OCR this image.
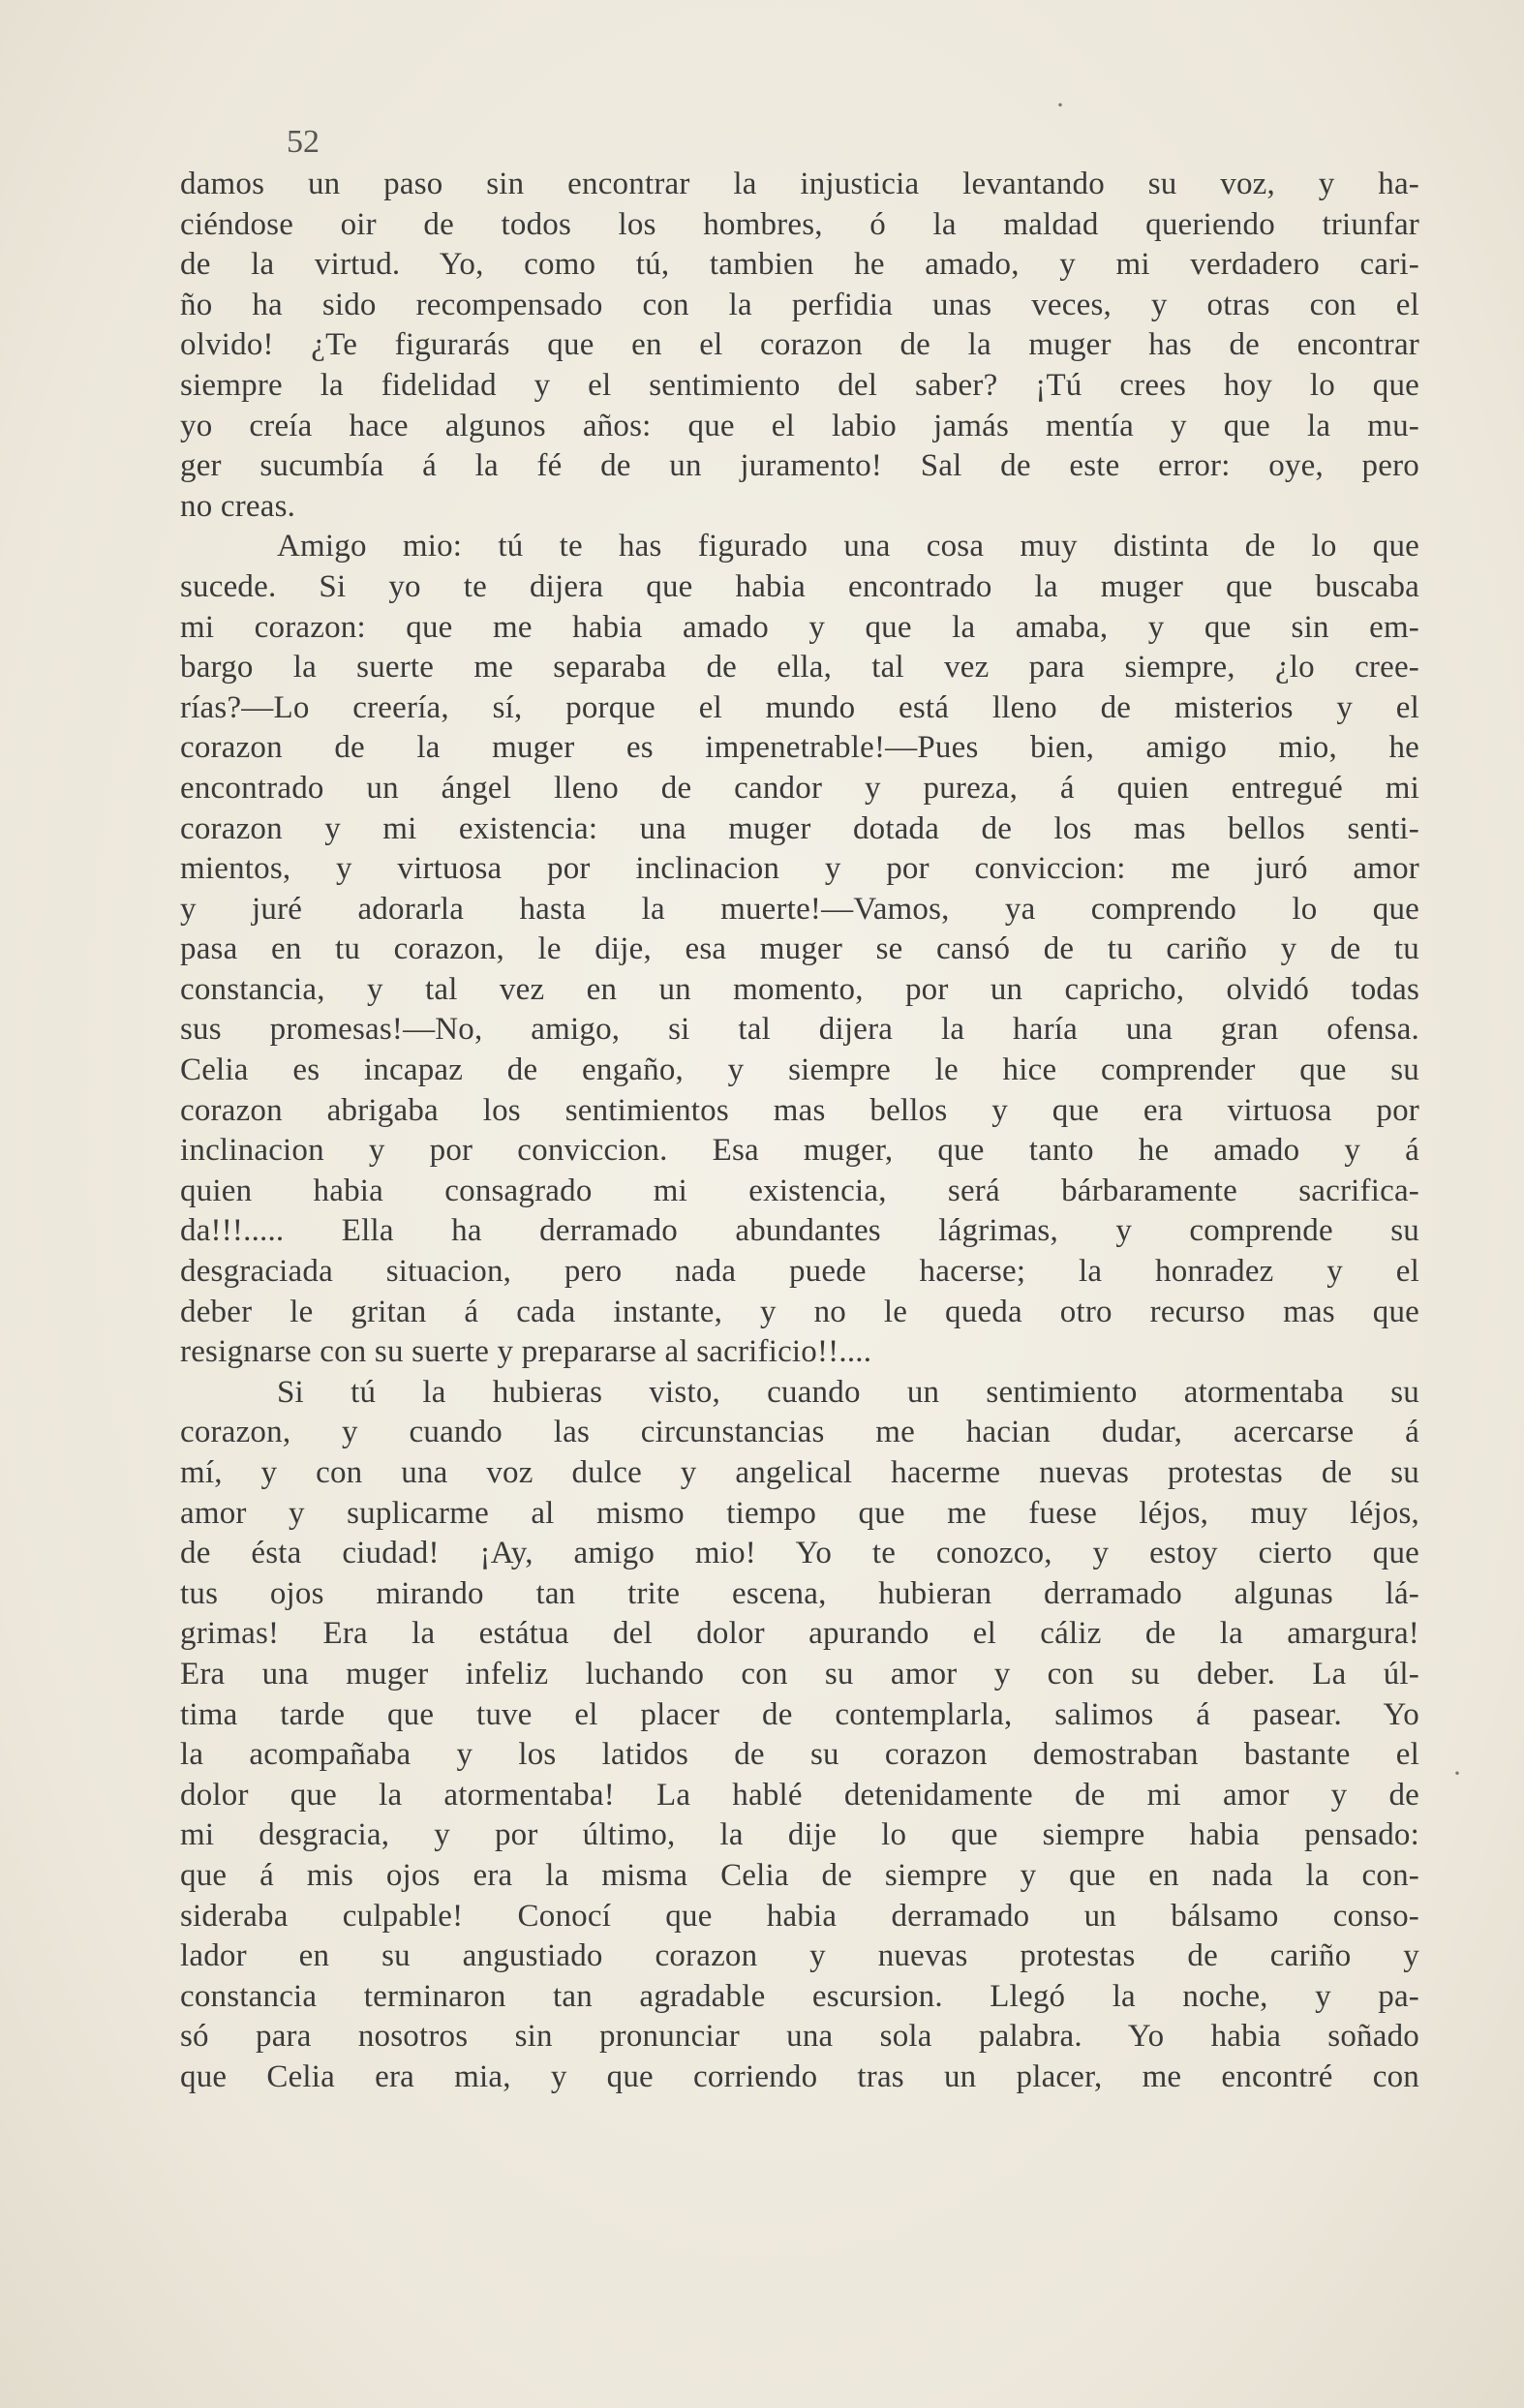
52
damos un paso sin encontrar la injusticia levantando su voz, y ha-
ciéndose oir de todos los hombres, ó la maldad queriendo triunfar
de la virtud. Yo, como tú, tambien he amado, y mi verdadero cari-
ño ha sido recompensado con la perfidia unas veces, y otras con el
olvido! ¿Te figurarás que en el corazon de la muger has de encontrar
siempre la fidelidad y el sentimiento del saber? ¡Tú crees hoy lo que
yo creía hace algunos años: que el labio jamás mentía y que la mu-
ger sucumbía á la fé de un juramento! Sal de este error: oye, pero
no creas.
Amigo mio: tú te has figurado una cosa muy distinta de lo que
sucede. Si yo te dijera que habia encontrado la muger que buscaba
mi corazon: que me habia amado y que la amaba, y que sin em-
bargo la suerte me separaba de ella, tal vez para siempre, ¿lo cree-
rías?—Lo creería, sí, porque el mundo está lleno de misterios y el
corazon de la muger es impenetrable!—Pues bien, amigo mio, he
encontrado un ángel lleno de candor y pureza, á quien entregué mi
corazon y mi existencia: una muger dotada de los mas bellos senti-
mientos, y virtuosa por inclinacion y por conviccion: me juró amor
y juré adorarla hasta la muerte!—Vamos, ya comprendo lo que
pasa en tu corazon, le dije, esa muger se cansó de tu cariño y de tu
constancia, y tal vez en un momento, por un capricho, olvidó todas
sus promesas!—No, amigo, si tal dijera la haría una gran ofensa.
Celia es incapaz de engaño, y siempre le hice comprender que su
corazon abrigaba los sentimientos mas bellos y que era virtuosa por
inclinacion y por conviccion. Esa muger, que tanto he amado y á
quien habia consagrado mi existencia, será bárbaramente sacrifica-
da!!!..... Ella ha derramado abundantes lágrimas, y comprende su
desgraciada situacion, pero nada puede hacerse; la honradez y el
deber le gritan á cada instante, y no le queda otro recurso mas que
resignarse con su suerte y prepararse al sacrificio!!....
Si tú la hubieras visto, cuando un sentimiento atormentaba su
corazon, y cuando las circunstancias me hacian dudar, acercarse á
mí, y con una voz dulce y angelical hacerme nuevas protestas de su
amor y suplicarme al mismo tiempo que me fuese léjos, muy léjos,
de ésta ciudad! ¡Ay, amigo mio! Yo te conozco, y estoy cierto que
tus ojos mirando tan trite escena, hubieran derramado algunas lá-
grimas! Era la estátua del dolor apurando el cáliz de la amargura!
Era una muger infeliz luchando con su amor y con su deber. La úl-
tima tarde que tuve el placer de contemplarla, salimos á pasear. Yo
la acompañaba y los latidos de su corazon demostraban bastante el
dolor que la atormentaba! La hablé detenidamente de mi amor y de
mi desgracia, y por último, la dije lo que siempre habia pensado:
que á mis ojos era la misma Celia de siempre y que en nada la con-
sideraba culpable! Conocí que habia derramado un bálsamo conso-
lador en su angustiado corazon y nuevas protestas de cariño y
constancia terminaron tan agradable escursion. Llegó la noche, y pa-
só para nosotros sin pronunciar una sola palabra. Yo habia soñado
que Celia era mia, y que corriendo tras un placer, me encontré con
·
·
